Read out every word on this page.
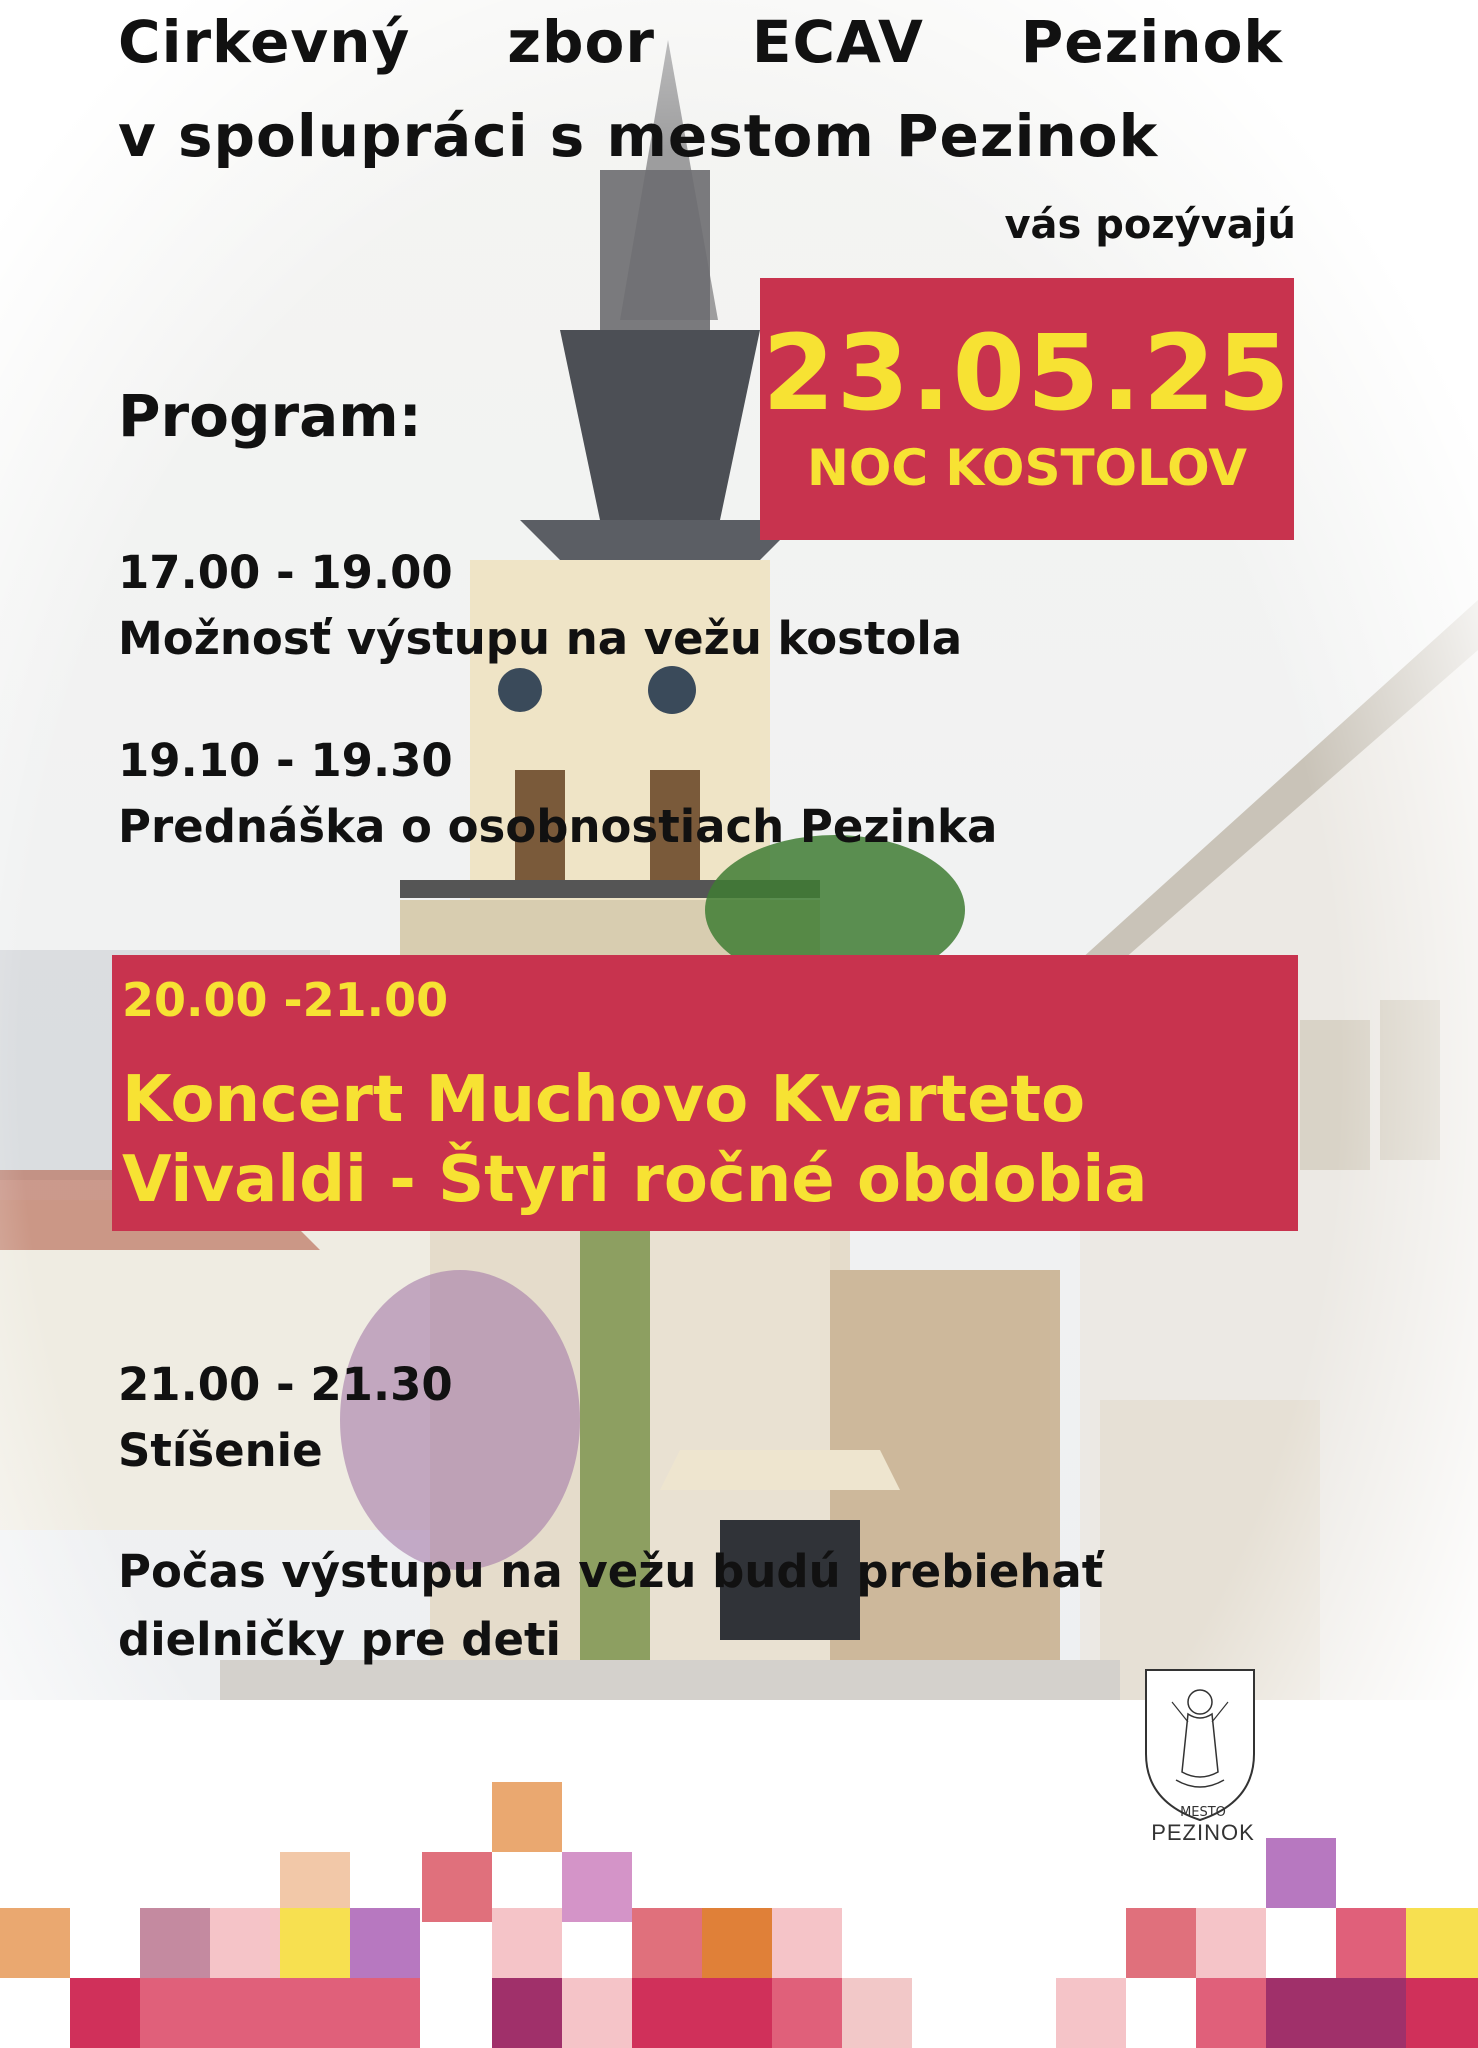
Cirkevný zbor ECAV Pezinok
v spolupráci s mestom Pezinok
vás pozývajú
23.05.25
NOC KOSTOLOV
Program:
17.00 - 19.00
Možnosť výstupu na vežu kostola
19.10 - 19.30
Prednáška o osobnostiach Pezinka
20.00 -21.00
Koncert Muchovo Kvarteto
Vivaldi - Štyri ročné obdobia
21.00 - 21.30
Stíšenie
Počas výstupu na vežu budú prebiehať
dielničky pre deti
MESTO
PEZINOK
